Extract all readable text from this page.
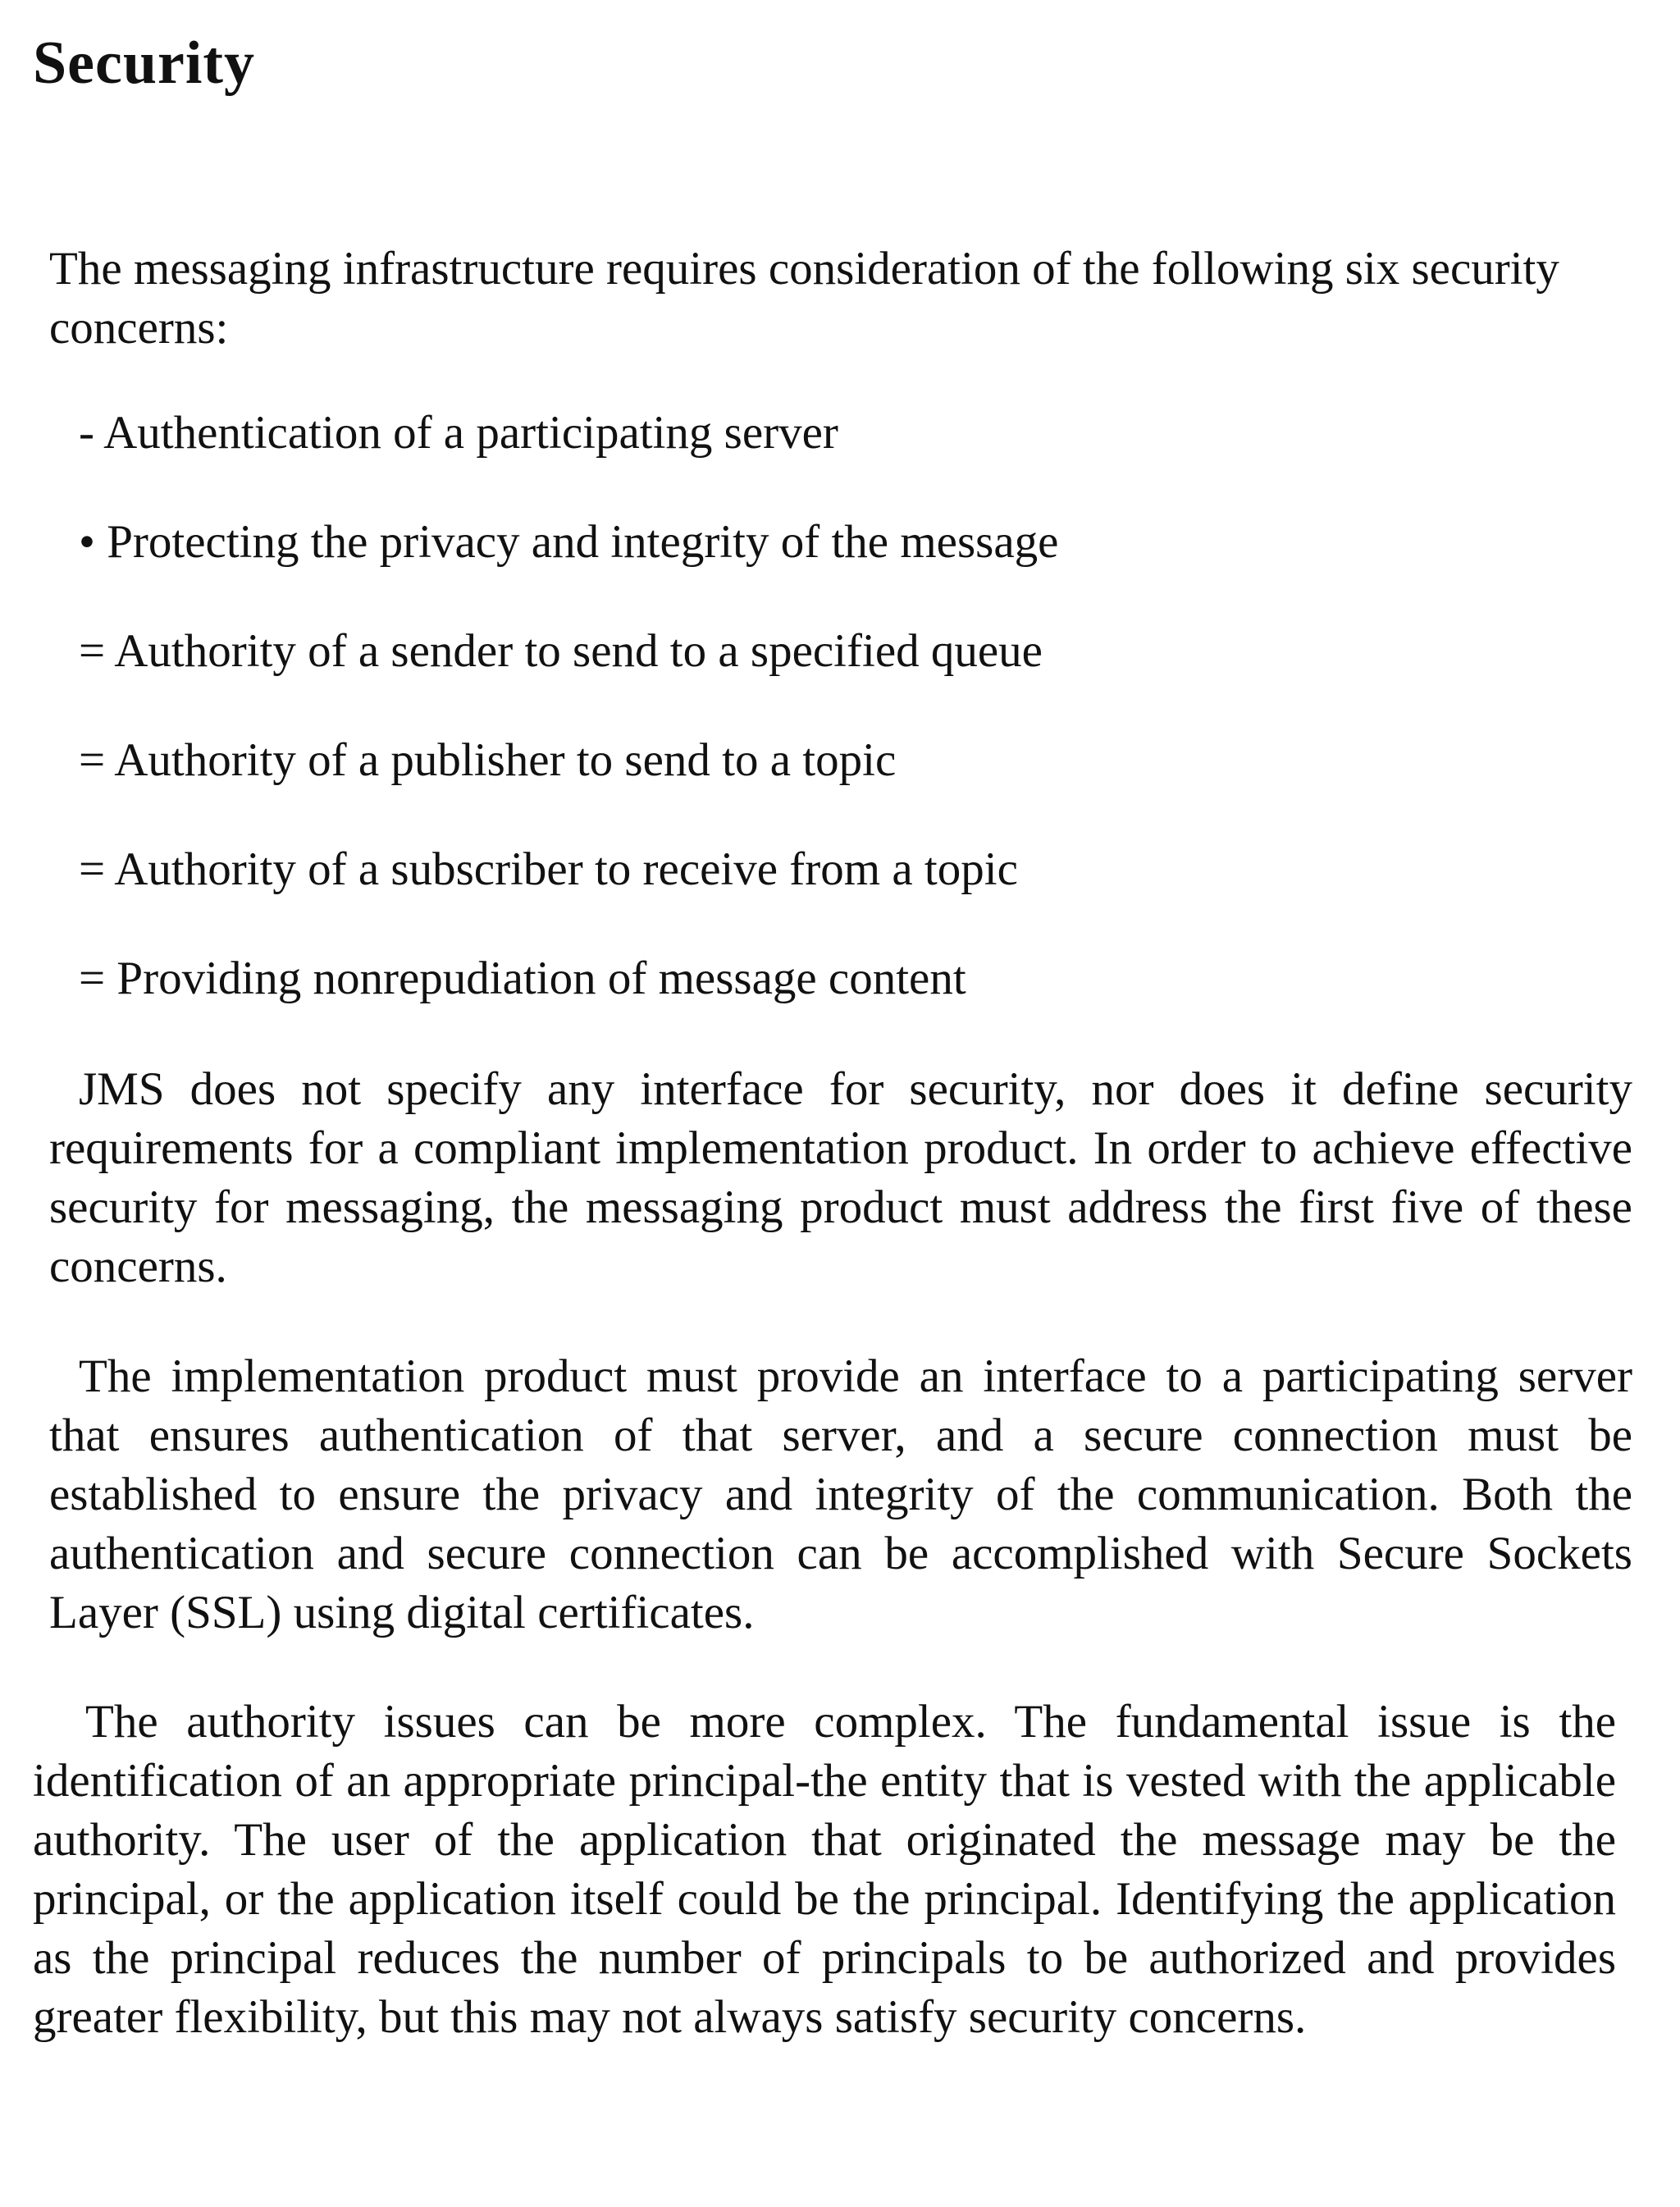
Security

The messaging infrastructure requires consideration of the following six security concerns:

- Authentication of a participating server
• Protecting the privacy and integrity of the message
= Authority of a sender to send to a specified queue
= Authority of a publisher to send to a topic
= Authority of a subscriber to receive from a topic
= Providing nonrepudiation of message content

JMS does not specify any interface for security, nor does it define security requirements for a compliant implementation product. In order to achieve effective security for messaging, the messaging product must address the first five of these concerns.

The implementation product must provide an interface to a participating server that ensures authentication of that server, and a secure connection must be established to ensure the privacy and integrity of the communication. Both the authentication and secure connection can be accomplished with Secure Sockets Layer (SSL) using digital certificates.

The authority issues can be more complex. The fundamental issue is the identification of an appropriate principal-the entity that is vested with the applicable authority. The user of the application that originated the message may be the principal, or the application itself could be the principal. Identifying the application as the principal reduces the number of principals to be authorized and provides greater flexibility, but this may not always satisfy security concerns.
